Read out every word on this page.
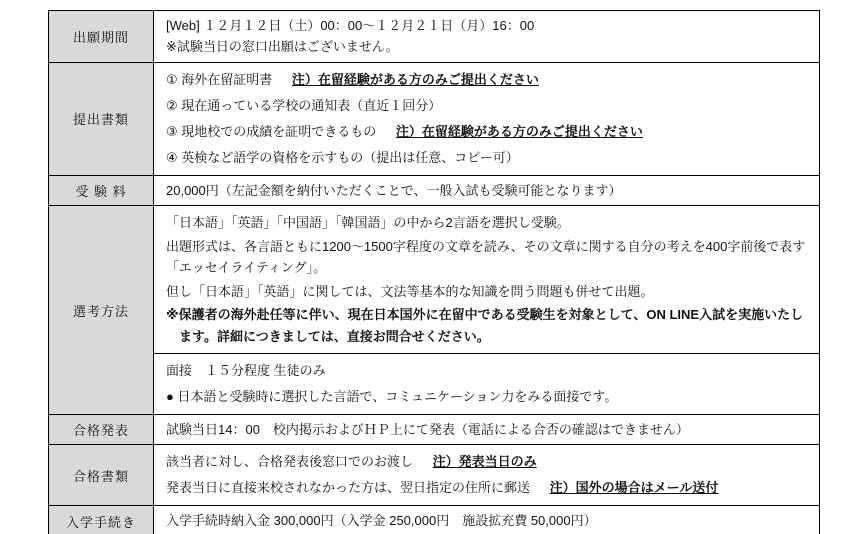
出願期間	[Web] １２月１２日（土）00：00～１２月２１日（月）16：00
※試験当日の窓口出願はございません。

提出書類	① 海外在留証明書 注）在留経験がある方のみご提出ください
② 現在通っている学校の通知表（直近１回分）
③ 現地校での成績を証明できるもの 注）在留経験がある方のみご提出ください
④ 英検など語学の資格を示すもの（提出は任意、コピー可）

受 験 料	20,000円（左記金額を納付いただくことで、一般入試も受験可能となります）

選考方法	「日本語」「英語」「中国語」「韓国語」の中から2言語を選択し受験。
出題形式は、各言語ともに1200～1500字程度の文章を読み、その文章に関する自分の考えを400字前後で表す「エッセイライティング」。
但し「日本語」「英語」に関しては、文法等基本的な知識を問う問題も併せて出題。
※保護者の海外赴任等に伴い、現在日本国外に在留中である受験生を対象として、ON LINE入試を実施いたします。詳細につきましては、直接お問合せください。

	面接　１５分程度 生徒のみ
● 日本語と受験時に選択した言語で、コミュニケーション力をみる面接です。

合格発表	試験当日14：00　校内掲示およびＨＰ上にて発表（電話による合否の確認はできません）

合格書類	該当者に対し、合格発表後窓口でのお渡し 注）発表当日のみ
発表当日に直接来校されなかった方は、翌日指定の住所に郵送 注）国外の場合はメール送付

入学手続き	入学手続時納入金 300,000円（入学金 250,000円　施設拡充費 50,000円）
